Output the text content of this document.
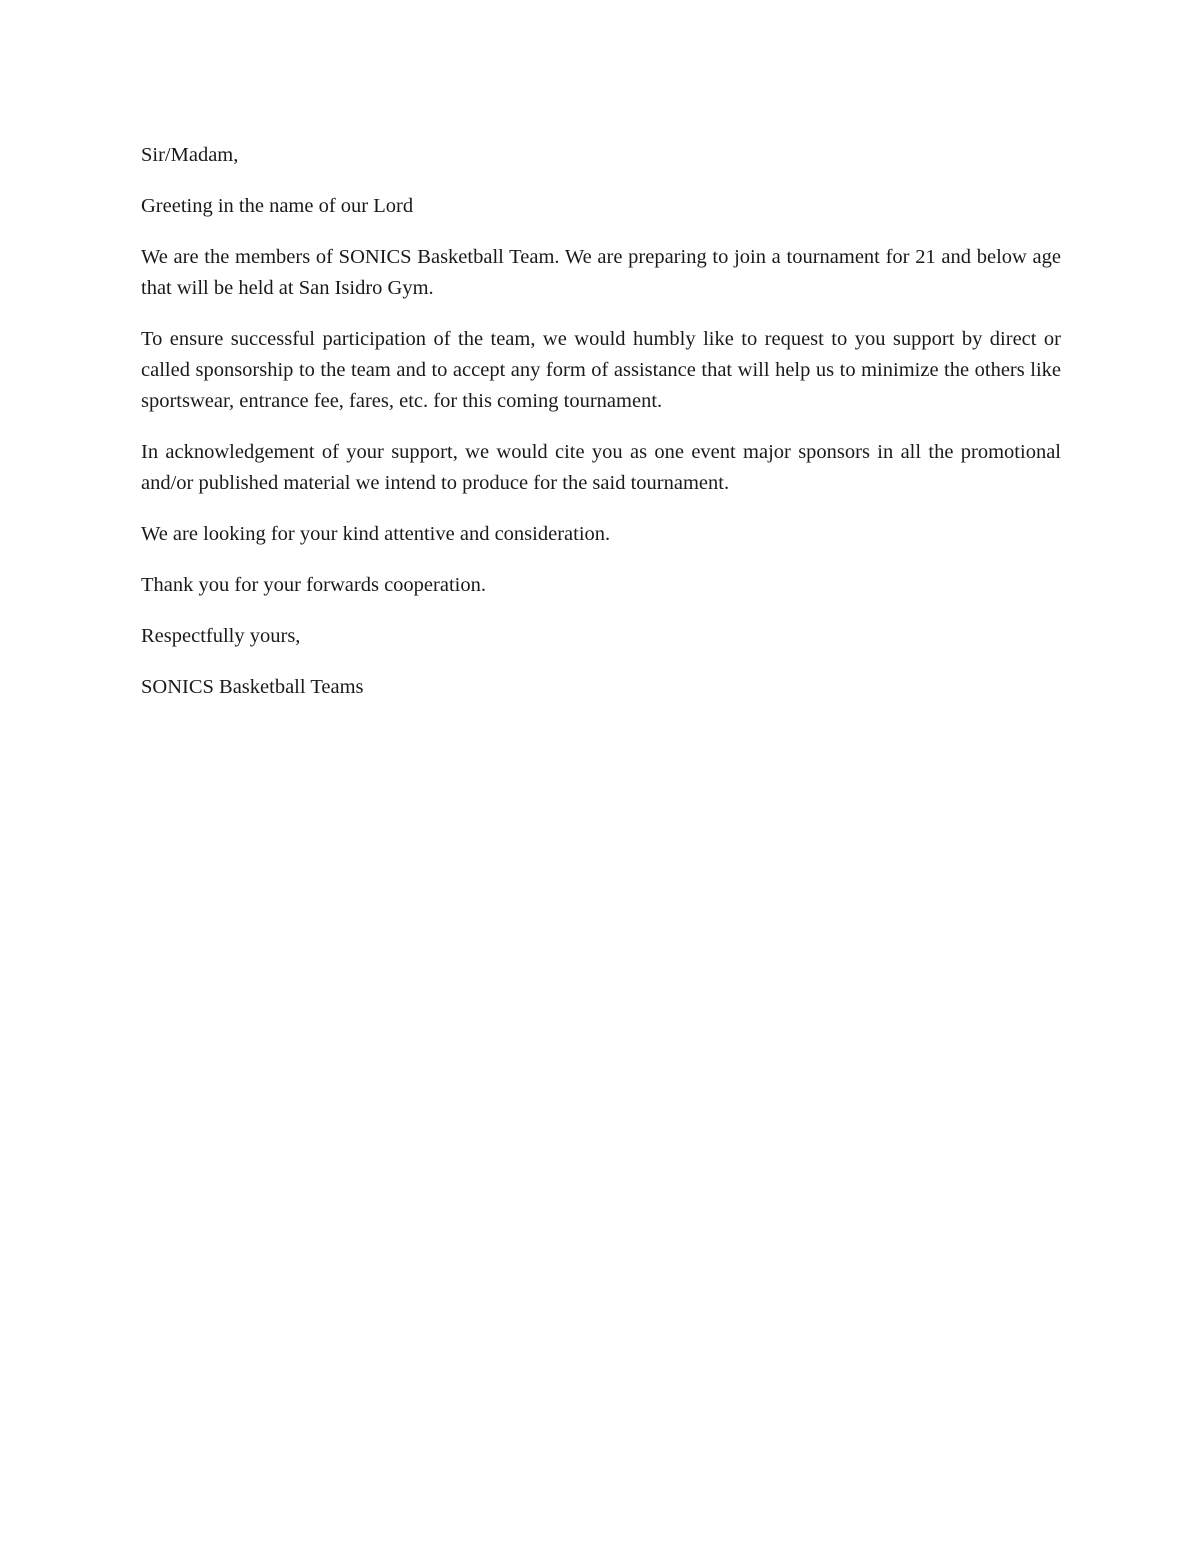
Sir/Madam,

Greeting in the name of our Lord

We are the members of SONICS Basketball Team. We are preparing to join a tournament for 21 and below age that will be held at San Isidro Gym.

To ensure successful participation of the team, we would humbly like to request to you support by direct or called sponsorship to the team and to accept any form of assistance that will help us to minimize the others like sportswear, entrance fee, fares, etc. for this coming tournament.

In acknowledgement of your support, we would cite you as one event major sponsors in all the promotional and/or published material we intend to produce for the said tournament.

We are looking for your kind attentive and consideration.

Thank you for your forwards cooperation.

Respectfully yours,

SONICS Basketball Teams
